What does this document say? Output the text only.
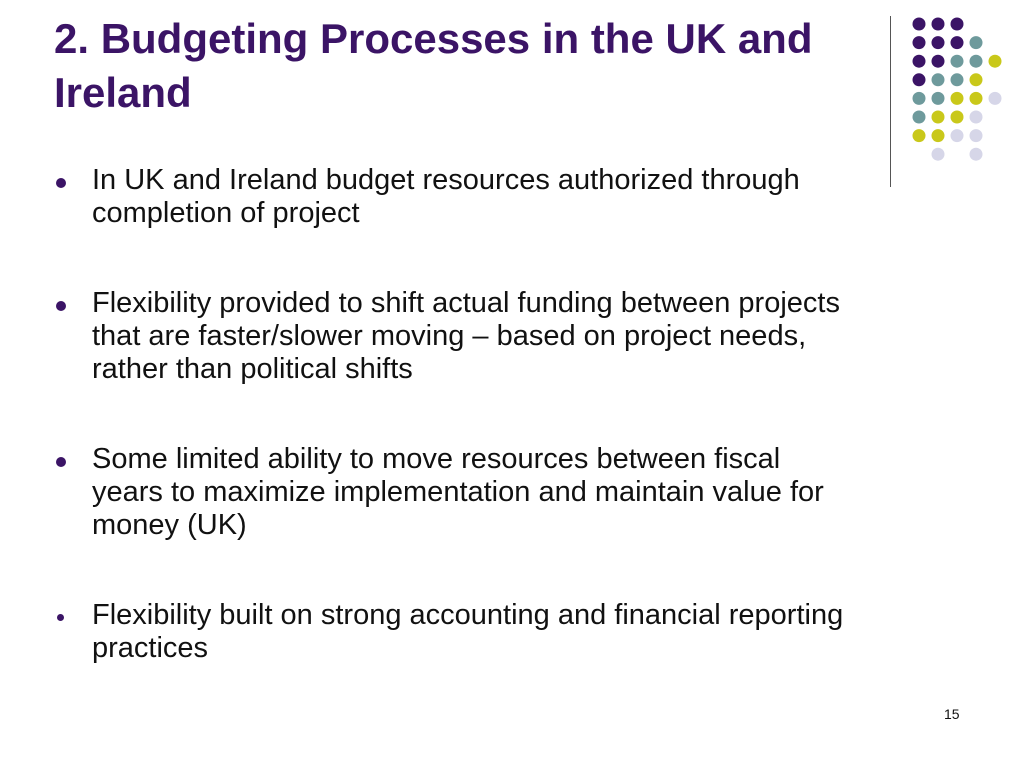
2. Budgeting Processes in the UK and Ireland
In UK and Ireland budget resources authorized through completion of project
Flexibility provided to shift actual funding between projects that are faster/slower moving – based on project needs, rather than political shifts
Some limited ability to move resources between fiscal years to maximize implementation and maintain value for money (UK)
Flexibility built on strong accounting and financial reporting practices
15
